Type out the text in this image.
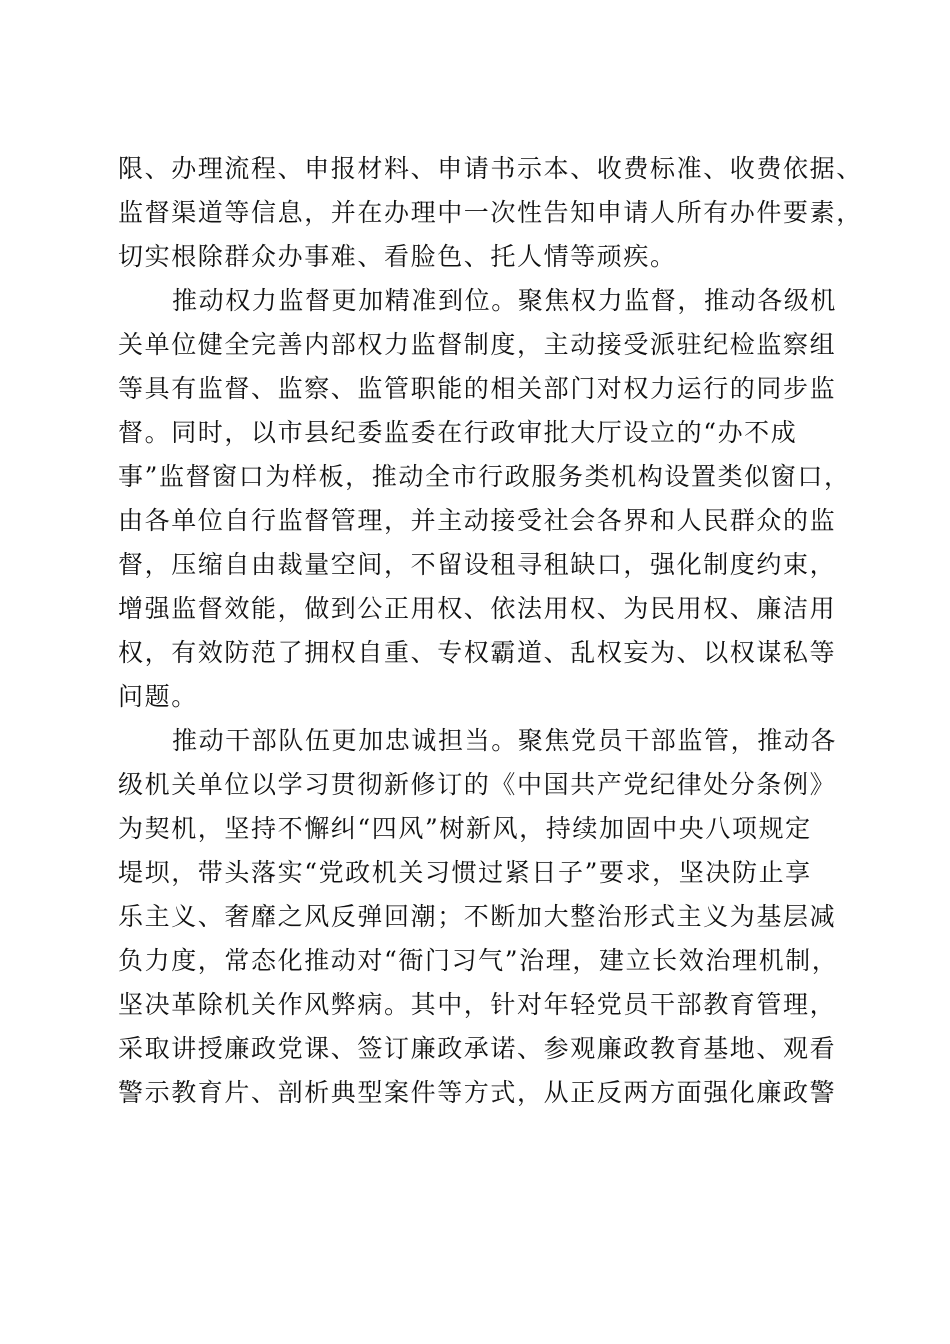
限、办理流程、申报材料、申请书示本、收费标准、收费依据、
监督渠道等信息，并在办理中一次性告知申请人所有办件要素，
切实根除群众办事难、看脸色、托人情等顽疾。
推动权力监督更加精准到位。聚焦权力监督，推动各级机
关单位健全完善内部权力监督制度，主动接受派驻纪检监察组
等具有监督、监察、监管职能的相关部门对权力运行的同步监
督。同时，以市县纪委监委在行政审批大厅设立的“办不成
事”监督窗口为样板，推动全市行政服务类机构设置类似窗口，
由各单位自行监督管理，并主动接受社会各界和人民群众的监
督，压缩自由裁量空间，不留设租寻租缺口，强化制度约束，
增强监督效能，做到公正用权、依法用权、为民用权、廉洁用
权，有效防范了拥权自重、专权霸道、乱权妄为、以权谋私等
问题。
推动干部队伍更加忠诚担当。聚焦党员干部监管，推动各
级机关单位以学习贯彻新修订的《中国共产党纪律处分条例》
为契机，坚持不懈纠“四风”树新风，持续加固中央八项规定
堤坝，带头落实“党政机关习惯过紧日子”要求，坚决防止享
乐主义、奢靡之风反弹回潮；不断加大整治形式主义为基层减
负力度，常态化推动对“衙门习气”治理，建立长效治理机制，
坚决革除机关作风弊病。其中，针对年轻党员干部教育管理，
采取讲授廉政党课、签订廉政承诺、参观廉政教育基地、观看
警示教育片、剖析典型案件等方式，从正反两方面强化廉政警
